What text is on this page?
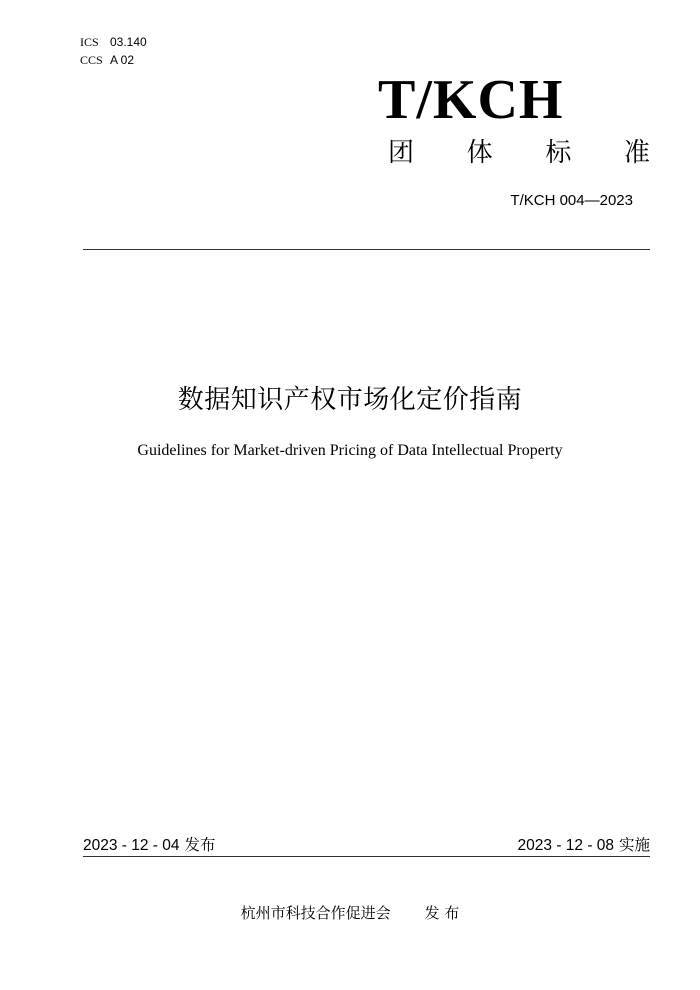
ICS 03.140
CCS A 02
T/KCH
团 体 标 准
T/KCH 004—2023
数据知识产权市场化定价指南
Guidelines for Market-driven Pricing of Data Intellectual Property
2023 - 12 - 04 发布	2023 - 12 - 08 实施
杭州市科技合作促进会 发 布
